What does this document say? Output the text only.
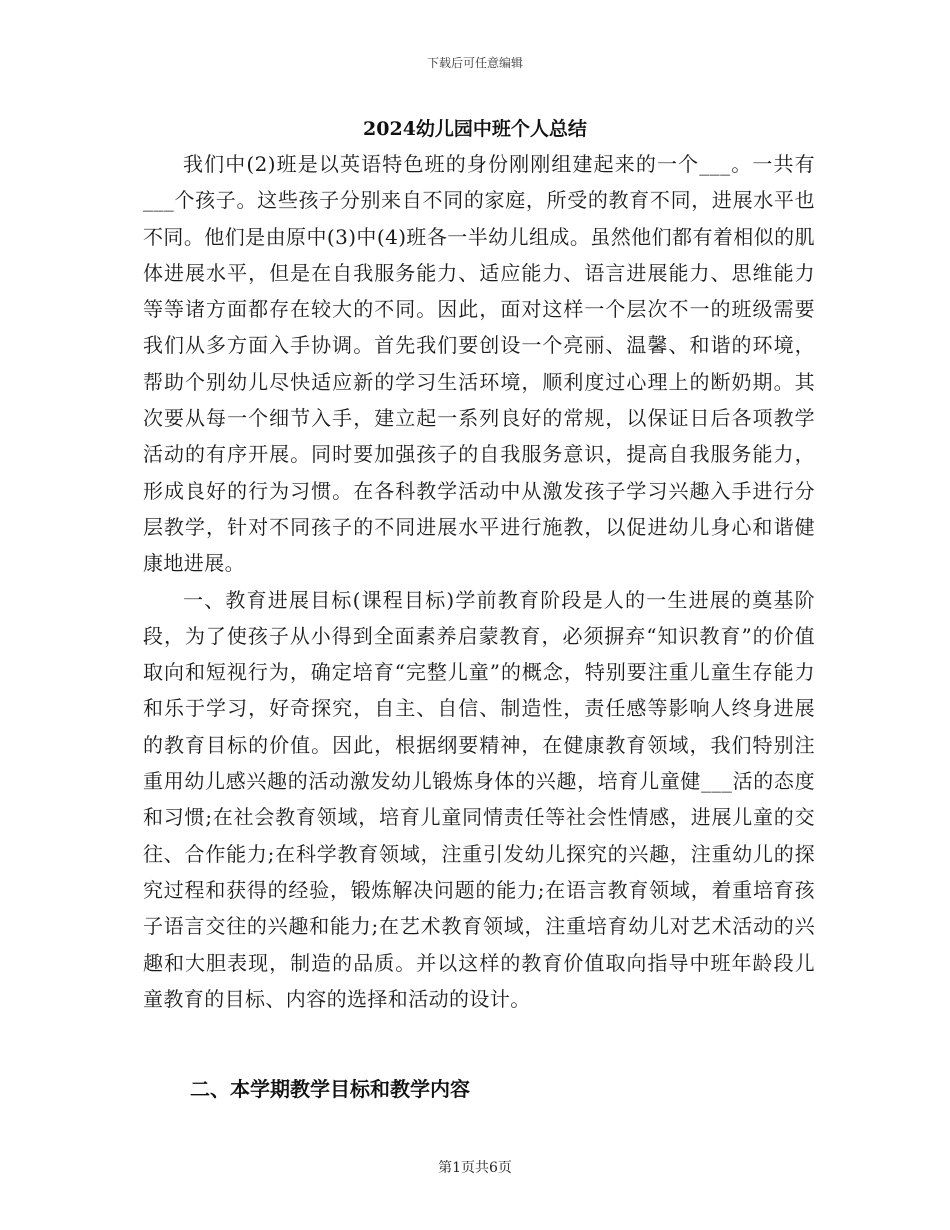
下载后可任意编辑
2024幼儿园中班个人总结

我们中(2)班是以英语特色班的身份刚刚组建起来的一个___。一共有___个孩子。这些孩子分别来自不同的家庭，所受的教育不同，进展水平也不同。他们是由原中(3)中(4)班各一半幼儿组成。虽然他们都有着相似的肌体进展水平，但是在自我服务能力、适应能力、语言进展能力、思维能力等等诸方面都存在较大的不同。因此，面对这样一个层次不一的班级需要我们从多方面入手协调。首先我们要创设一个亮丽、温馨、和谐的环境，帮助个别幼儿尽快适应新的学习生活环境，顺利度过心理上的断奶期。其次要从每一个细节入手，建立起一系列良好的常规，以保证日后各项教学活动的有序开展。同时要加强孩子的自我服务意识，提高自我服务能力，形成良好的行为习惯。在各科教学活动中从激发孩子学习兴趣入手进行分层教学，针对不同孩子的不同进展水平进行施教，以促进幼儿身心和谐健康地进展。

一、教育进展目标(课程目标)学前教育阶段是人的一生进展的奠基阶段，为了使孩子从小得到全面素养启蒙教育，必须摒弃“知识教育”的价值取向和短视行为，确定培育“完整儿童”的概念，特别要注重儿童生存能力和乐于学习，好奇探究，自主、自信、制造性，责任感等影响人终身进展的教育目标的价值。因此，根据纲要精神，在健康教育领域，我们特别注重用幼儿感兴趣的活动激发幼儿锻炼身体的兴趣，培育儿童健___活的态度和习惯;在社会教育领域，培育儿童同情责任等社会性情感，进展儿童的交往、合作能力;在科学教育领域，注重引发幼儿探究的兴趣，注重幼儿的探究过程和获得的经验，锻炼解决问题的能力;在语言教育领域，着重培育孩子语言交往的兴趣和能力;在艺术教育领域，注重培育幼儿对艺术活动的兴趣和大胆表现，制造的品质。并以这样的教育价值取向指导中班年龄段儿童教育的目标、内容的选择和活动的设计。

二、本学期教学目标和教学内容
第1页共6页
